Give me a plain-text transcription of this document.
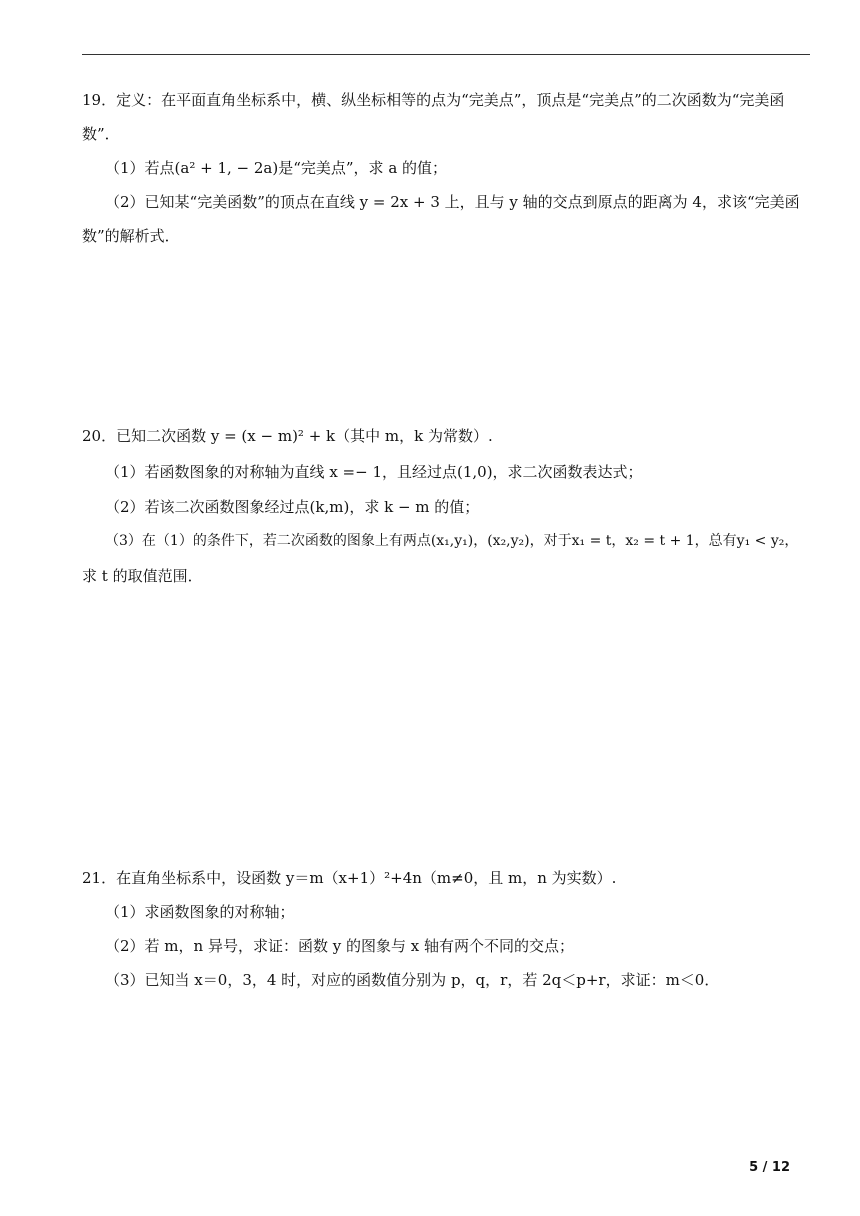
19．定义：在平面直角坐标系中，横、纵坐标相等的点为“完美点”，顶点是“完美点”的二次函数为“完美函
数”．
（1）若点(a² + 1, − 2a)是“完美点”，求 a 的值；
（2）已知某“完美函数”的顶点在直线 y = 2x + 3 上，且与 y 轴的交点到原点的距离为 4，求该“完美函
数”的解析式．
20．已知二次函数 y = (x − m)² + k（其中 m，k 为常数）.
（1）若函数图象的对称轴为直线 x =− 1，且经过点(1,0)，求二次函数表达式；
（2）若该二次函数图象经过点(k,m)，求 k − m 的值；
（3）在（1）的条件下，若二次函数的图象上有两点(x₁,y₁)，(x₂,y₂)，对于x₁ = t，x₂ = t + 1，总有y₁ < y₂，
求 t 的取值范围．
21．在直角坐标系中，设函数 y＝m（x+1）²+4n（m≠0，且 m，n 为实数）.
（1）求函数图象的对称轴；
（2）若 m，n 异号，求证：函数 y 的图象与 x 轴有两个不同的交点；
（3）已知当 x＝0，3，4 时，对应的函数值分别为 p，q，r，若 2q＜p+r，求证：m＜0．
5 / 12
